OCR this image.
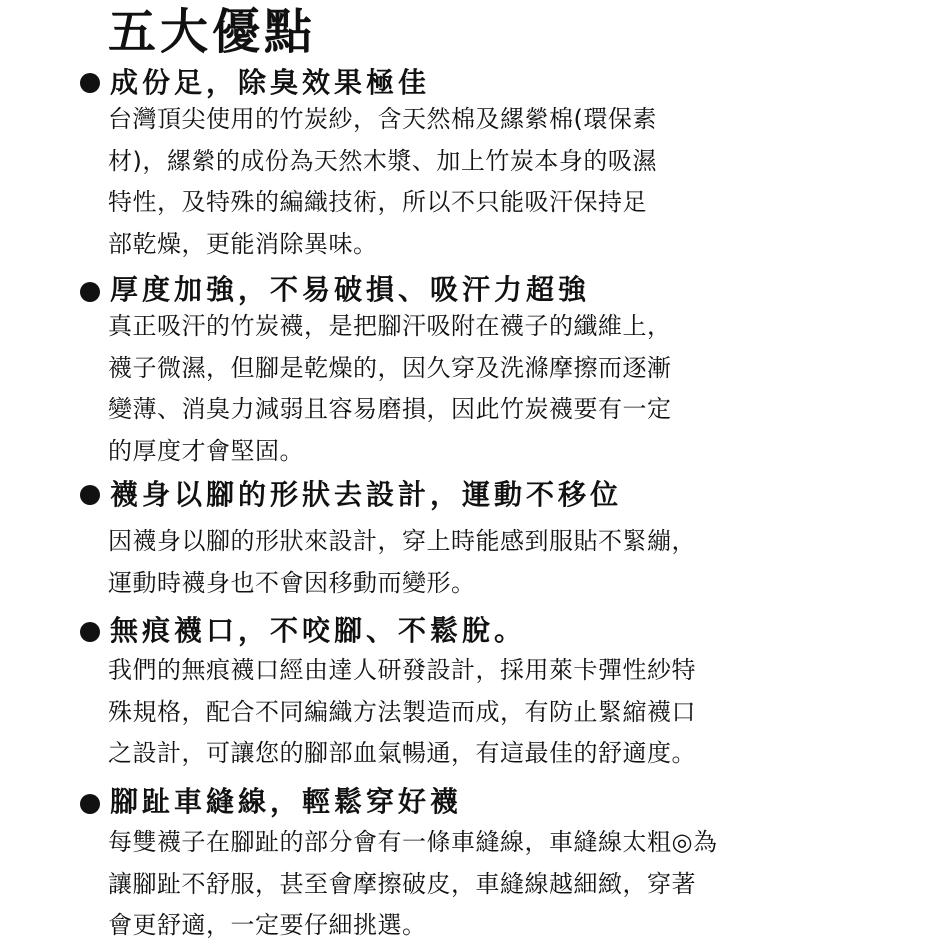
五大優點
成份足，除臭效果極佳

台灣頂尖使用的竹炭紗，含天然棉及縲縈棉(環保素
材)，縲縈的成份為天然木漿、加上竹炭本身的吸濕
特性，及特殊的編織技術，所以不只能吸汗保持足
部乾燥，更能消除異味。

厚度加強，不易破損、吸汗力超強

真正吸汗的竹炭襪，是把腳汗吸附在襪子的纖維上，
襪子微濕，但腳是乾燥的，因久穿及洗滌摩擦而逐漸
變薄、消臭力減弱且容易磨損，因此竹炭襪要有一定
的厚度才會堅固。

襪身以腳的形狀去設計，運動不移位

因襪身以腳的形狀來設計，穿上時能感到服貼不緊繃，
運動時襪身也不會因移動而變形。

無痕襪口，不咬腳、不鬆脫。

我們的無痕襪口經由達人研發設計，採用萊卡彈性紗特
殊規格，配合不同編織方法製造而成，有防止緊縮襪口
之設計，可讓您的腳部血氣暢通，有這最佳的舒適度。

腳趾車縫線，輕鬆穿好襪

每雙襪子在腳趾的部分會有一條車縫線，車縫線太粗◎為
讓腳趾不舒服，甚至會摩擦破皮，車縫線越細緻，穿著
會更舒適，一定要仔細挑選。
